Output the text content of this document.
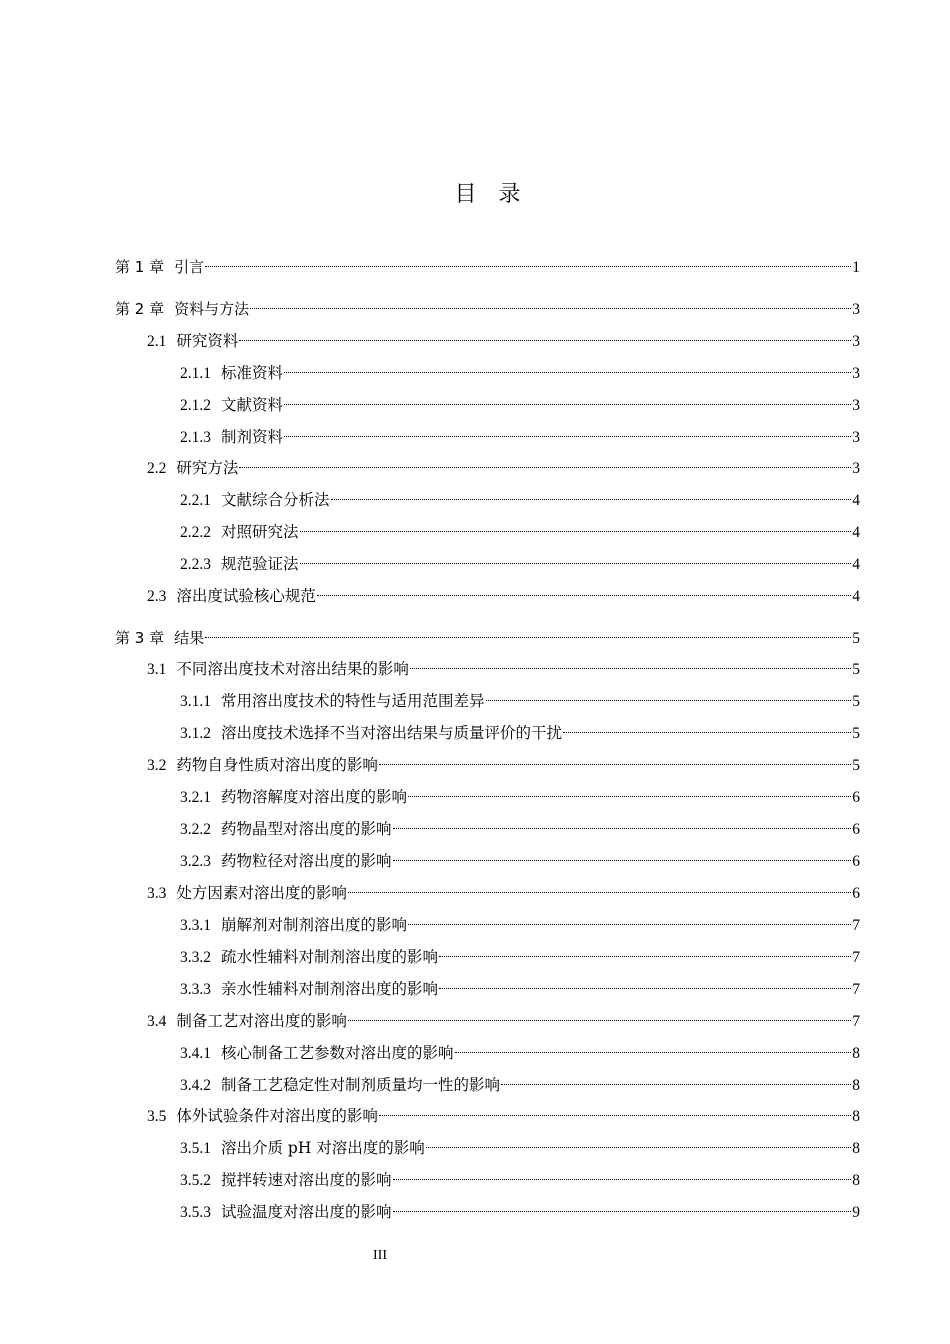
目　录
第 1 章 引言	1
第 2 章 资料与方法	3
2.1 研究资料	3
2.1.1 标准资料	3
2.1.2 文献资料	3
2.1.3 制剂资料	3
2.2 研究方法	3
2.2.1 文献综合分析法	4
2.2.2 对照研究法	4
2.2.3 规范验证法	4
2.3 溶出度试验核心规范	4
第 3 章 结果	5
3.1 不同溶出度技术对溶出结果的影响	5
3.1.1 常用溶出度技术的特性与适用范围差异	5
3.1.2 溶出度技术选择不当对溶出结果与质量评价的干扰	5
3.2 药物自身性质对溶出度的影响	5
3.2.1 药物溶解度对溶出度的影响	6
3.2.2 药物晶型对溶出度的影响	6
3.2.3 药物粒径对溶出度的影响	6
3.3 处方因素对溶出度的影响	6
3.3.1 崩解剂对制剂溶出度的影响	7
3.3.2 疏水性辅料对制剂溶出度的影响	7
3.3.3 亲水性辅料对制剂溶出度的影响	7
3.4 制备工艺对溶出度的影响	7
3.4.1 核心制备工艺参数对溶出度的影响	8
3.4.2 制备工艺稳定性对制剂质量均一性的影响	8
3.5 体外试验条件对溶出度的影响	8
3.5.1 溶出介质 pH 对溶出度的影响	8
3.5.2 搅拌转速对溶出度的影响	8
3.5.3 试验温度对溶出度的影响	9
III
